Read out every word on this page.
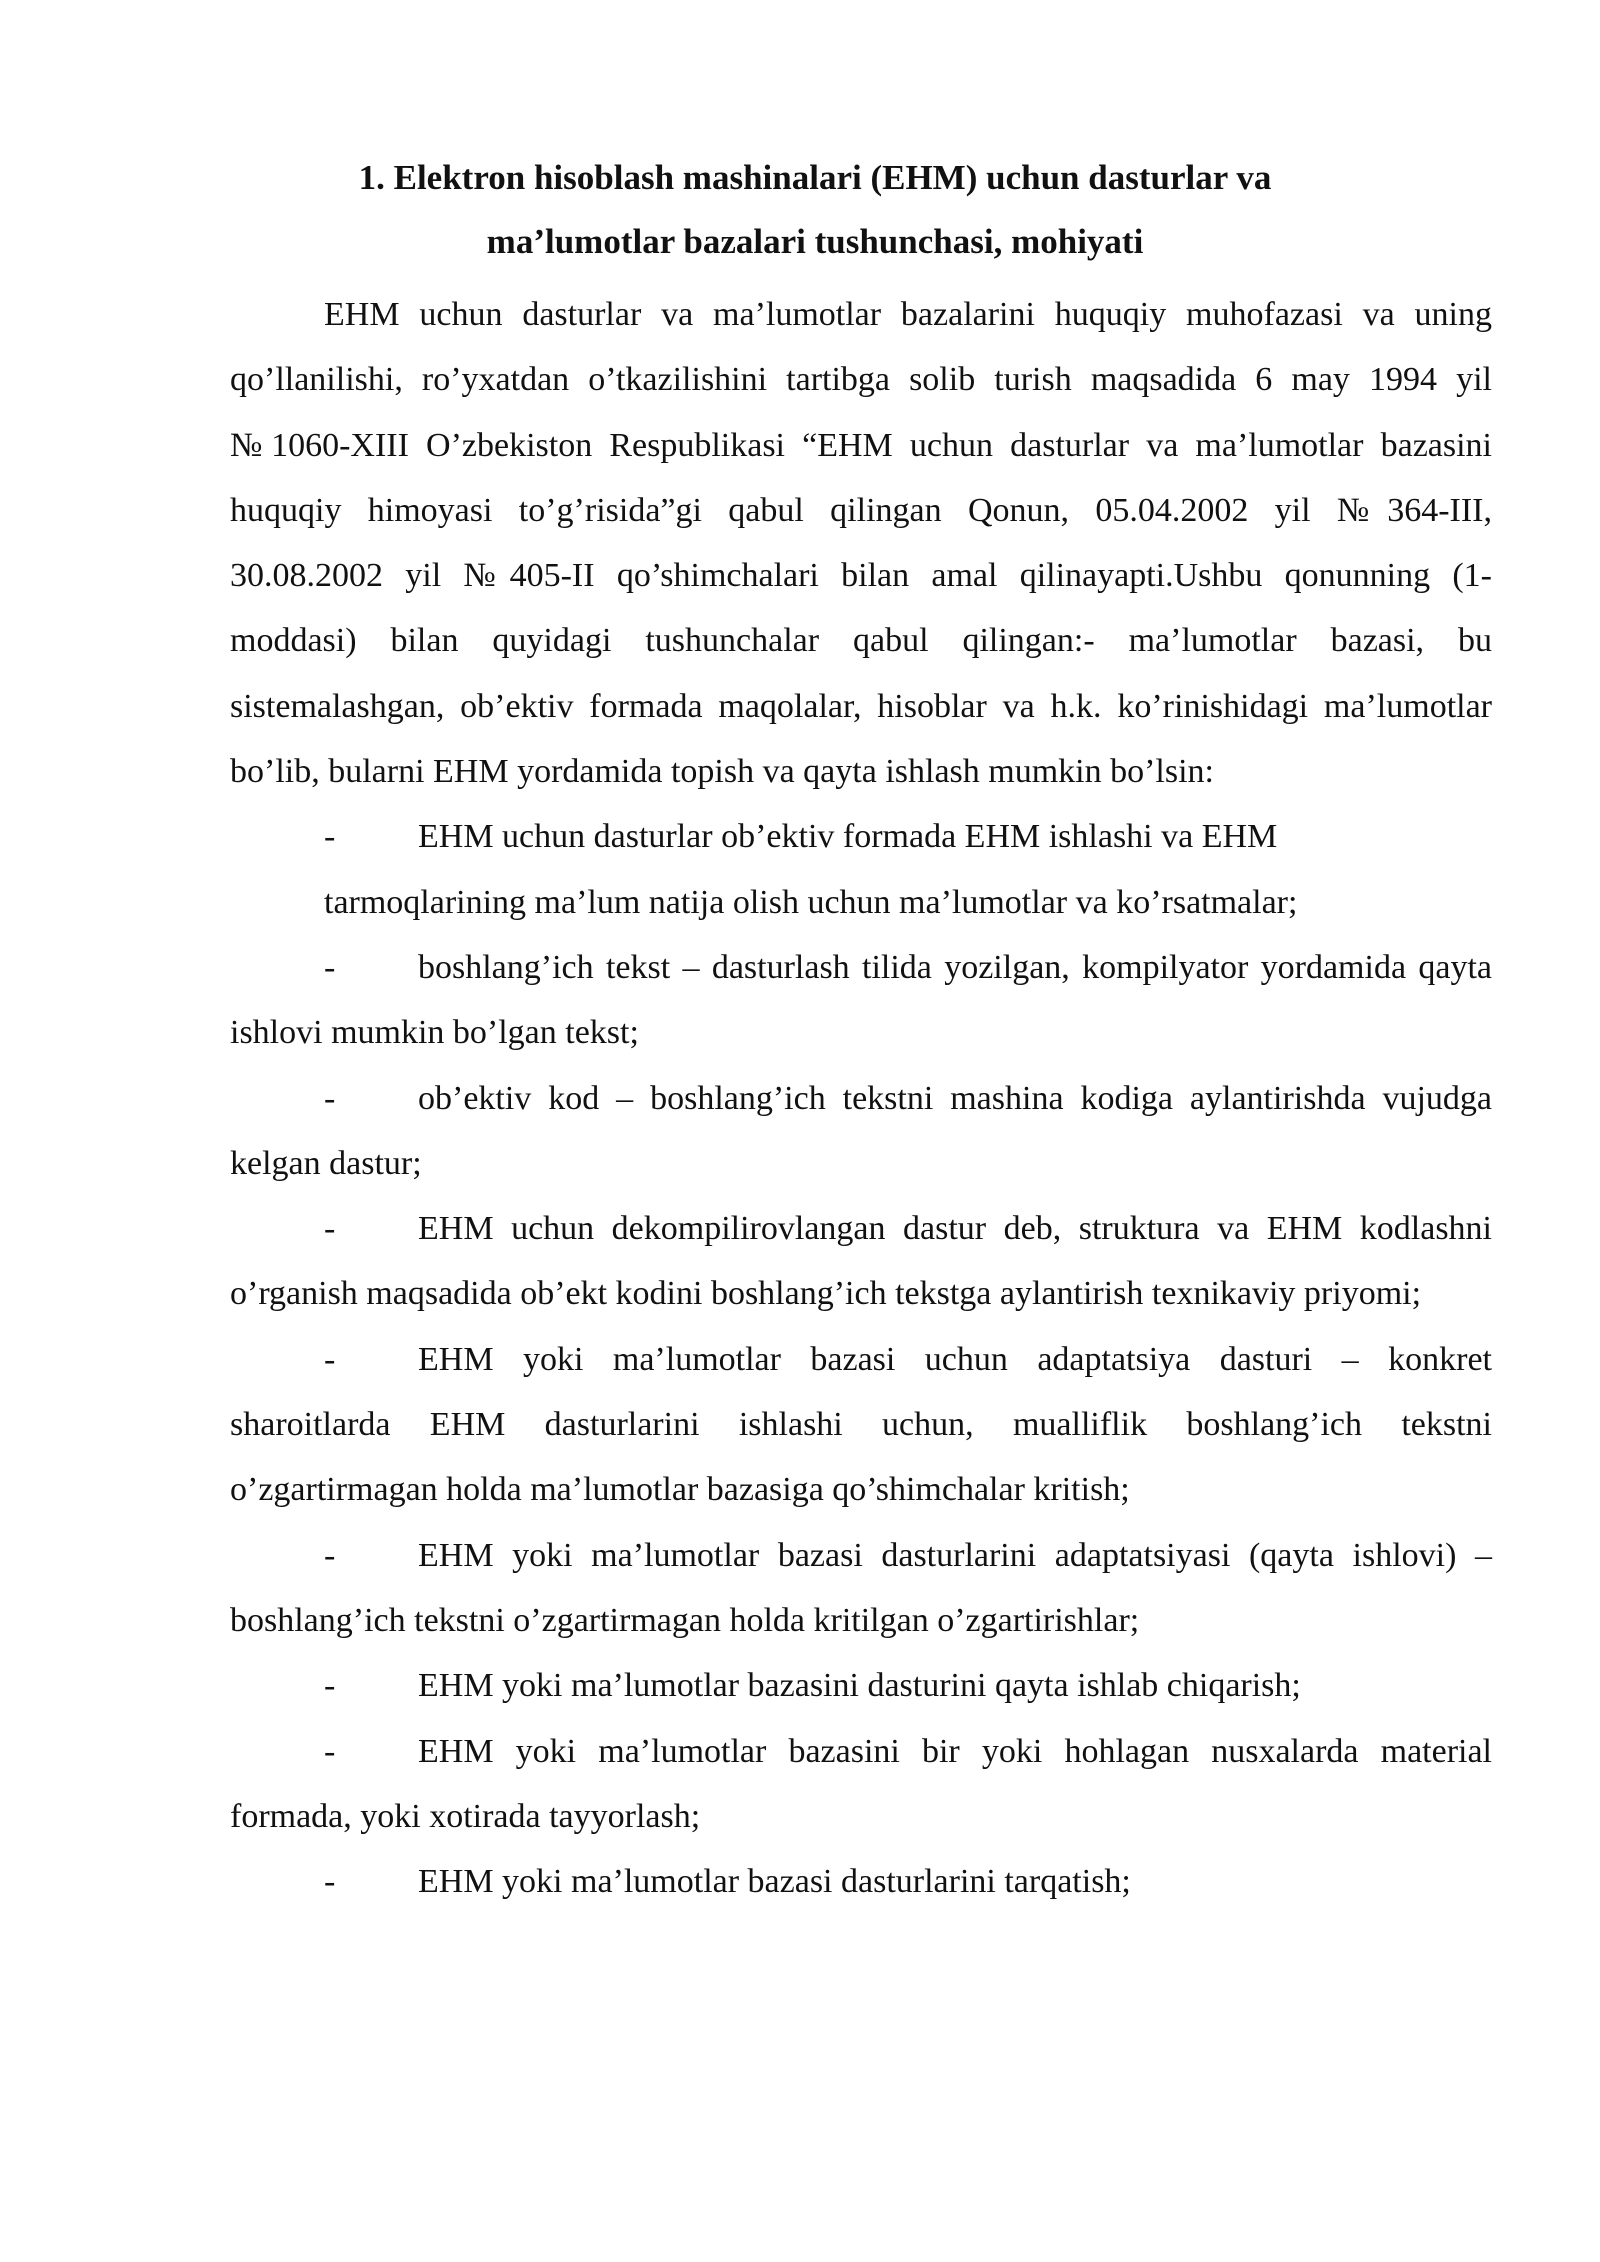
1. Elektron hisoblash mashinalari (EHM) uchun dasturlar va

ma’lumotlar bazalari tushunchasi, mohiyati

EHM uchun dasturlar va ma’lumotlar bazalarini huquqiy muhofazasi va uning qo’llanilishi, ro’yxatdan o’tkazilishini tartibga solib turish maqsadida 6 may 1994 yil №1060-XIII O’zbekiston Respublikasi “EHM uchun dasturlar va ma’lumotlar bazasini huquqiy himoyasi to’g’risida”gi qabul qilingan Qonun, 05.04.2002 yil №364-III, 30.08.2002 yil №405-II qo’shimchalari bilan amal qilinayapti.Ushbu qonunning (1-moddasi) bilan quyidagi tushunchalar qabul qilingan:- ma’lumotlar bazasi, bu sistemalashgan, ob’ektiv formada maqolalar, hisoblar va h.k. ko’rinishidagi ma’lumotlar bo’lib, bularni EHM yordamida topish va qayta ishlash mumkin bo’lsin:

- EHM uchun dasturlar ob’ektiv formada EHM ishlashi va EHM

tarmoqlarining ma’lum natija olish uchun ma’lumotlar va ko’rsatmalar;

- boshlang’ich tekst – dasturlash tilida yozilgan, kompilyator yordamida qayta ishlovi mumkin bo’lgan tekst;

- ob’ektiv kod – boshlang’ich tekstni mashina kodiga aylantirishda vujudga kelgan dastur;

- EHM uchun dekompilirovlangan dastur deb, struktura va EHM kodlashni o’rganish maqsadida ob’ekt kodini boshlang’ich tekstga aylantirish texnikaviy priyomi;

- EHM yoki ma’lumotlar bazasi uchun adaptatsiya dasturi – konkret sharoitlarda EHM dasturlarini ishlashi uchun, mualliflik boshlang’ich tekstni o’zgartirmagan holda ma’lumotlar bazasiga qo’shimchalar kritish;

- EHM yoki ma’lumotlar bazasi dasturlarini adaptatsiyasi (qayta ishlovi) – boshlang’ich tekstni o’zgartirmagan holda kritilgan o’zgartirishlar;

- EHM yoki ma’lumotlar bazasini dasturini qayta ishlab chiqarish;

- EHM yoki ma’lumotlar bazasini bir yoki hohlagan nusxalarda material formada, yoki xotirada tayyorlash;

- EHM yoki ma’lumotlar bazasi dasturlarini tarqatish;
